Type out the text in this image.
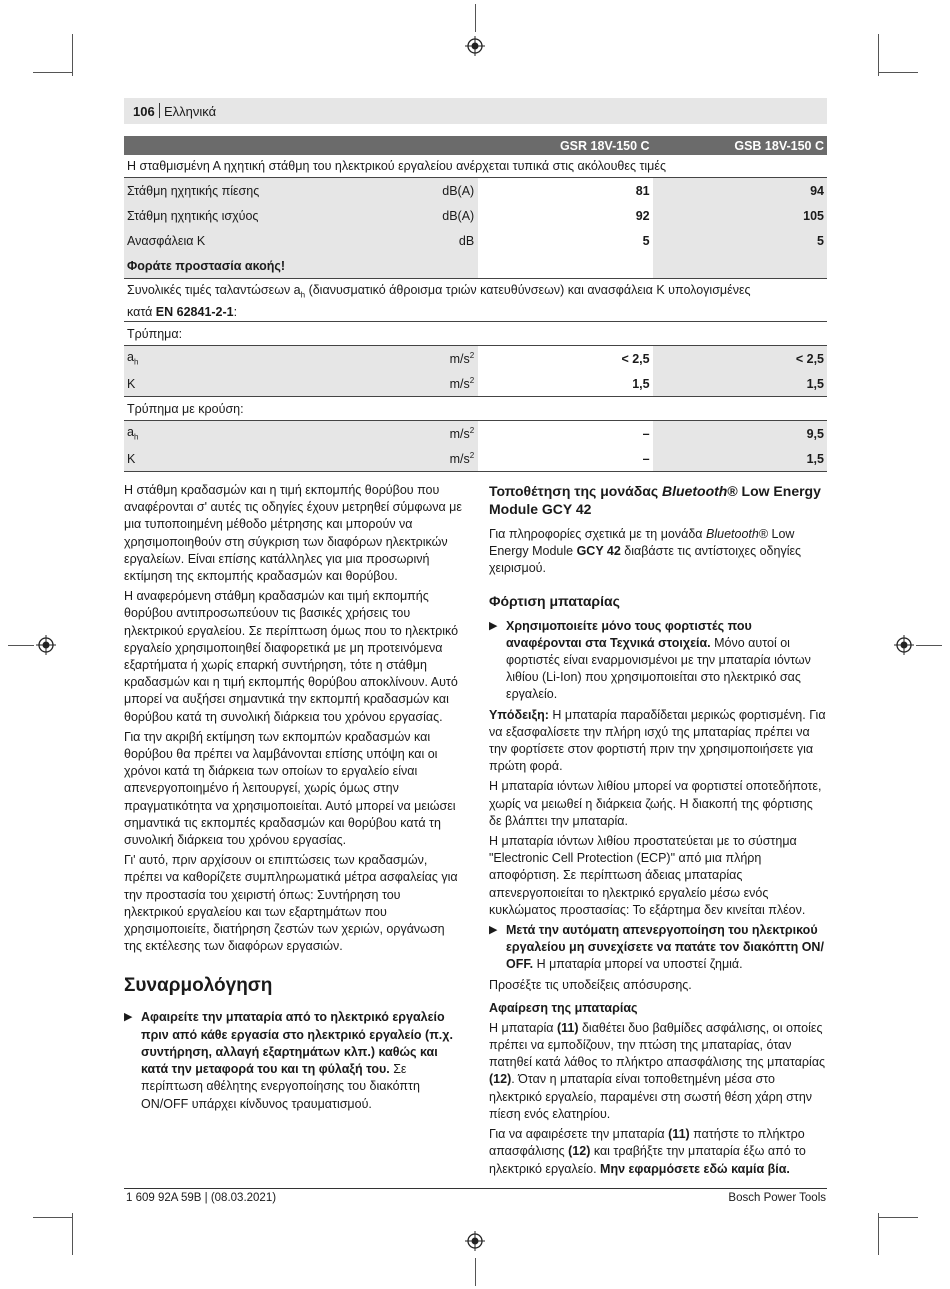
106 Ελληνικά
		GSR 18V-150 C	GSB 18V-150 C
Η σταθμισμένη Α ηχητική στάθμη του ηλεκτρικού εργαλείου ανέρχεται τυπικά στις ακόλουθες τιμές			
Στάθμη ηχητικής πίεσης	dB(A)	81	94
Στάθμη ηχητικής ισχύος	dB(A)	92	105
Ανασφάλεια K	dB	5	5
Φοράτε προστασία ακοής!			
Συνολικές τιμές ταλαντώσεων $a_h$ (διανυσματικό άθροισμα τριών κατευθύνσεων) και ανασφάλεια K υπολογισμένες
κατά EN 62841-2-1:			
Τρύπημα:			
$a_h$	$m/s^2$	< 2,5	< 2,5
K	$m/s^2$	1,5	1,5
Τρύπημα με κρούση:			
$a_h$	$m/s^2$	–	9,5
K	$m/s^2$	–	1,5

Η στάθμη κραδασμών και η τιμή εκπομπής θορύβου που αναφέρονται σ' αυτές τις οδηγίες έχουν μετρηθεί σύμφωνα με μια τυποποιημένη μέθοδο μέτρησης και μπορούν να χρησιμοποιηθούν στη σύγκριση των διαφόρων ηλεκτρικών εργαλείων. Είναι επίσης κατάλληλες για μια προσωρινή εκτίμηση της εκπομπής κραδασμών και θορύβου.

Η αναφερόμενη στάθμη κραδασμών και τιμή εκπομπής θορύβου αντιπροσωπεύουν τις βασικές χρήσεις του ηλεκτρικού εργαλείου. Σε περίπτωση όμως που το ηλεκτρικό εργαλείο χρησιμοποιηθεί διαφορετικά με μη προτεινόμενα εξαρτήματα ή χωρίς επαρκή συντήρηση, τότε η στάθμη κραδασμών και η τιμή εκπομπής θορύβου αποκλίνουν. Αυτό μπορεί να αυξήσει σημαντικά την εκπομπή κραδασμών και θορύβου κατά τη συνολική διάρκεια του χρόνου εργασίας.

Για την ακριβή εκτίμηση των εκπομπών κραδασμών και θορύβου θα πρέπει να λαμβάνονται επίσης υπόψη και οι χρόνοι κατά τη διάρκεια των οποίων το εργαλείο είναι απενεργοποιημένο ή λειτουργεί, χωρίς όμως στην πραγματικότητα να χρησιμοποιείται. Αυτό μπορεί να μειώσει σημαντικά τις εκπομπές κραδασμών και θορύβου κατά τη συνολική διάρκεια του χρόνου εργασίας.

Γι' αυτό, πριν αρχίσουν οι επιπτώσεις των κραδασμών, πρέπει να καθορίζετε συμπληρωματικά μέτρα ασφαλείας για την προστασία του χειριστή όπως: Συντήρηση του ηλεκτρικού εργαλείου και των εξαρτημάτων που χρησιμοποιείτε, διατήρηση ζεστών των χεριών, οργάνωση της εκτέλεσης των διαφόρων εργασιών.

Συναρμολόγηση

▶ Αφαιρείτε την μπαταρία από το ηλεκτρικό εργαλείο πριν από κάθε εργασία στο ηλεκτρικό εργαλείο (π.χ. συντήρηση, αλλαγή εξαρτημάτων κλπ.) καθώς και κατά την μεταφορά του και τη φύλαξή του. Σε περίπτωση αθέλητης ενεργοποίησης του διακόπτη ON/OFF υπάρχει κίνδυνος τραυματισμού.

Τοποθέτηση της μονάδας Bluetooth® Low Energy Module GCY 42

Για πληροφορίες σχετικά με τη μονάδα Bluetooth® Low Energy Module GCY 42 διαβάστε τις αντίστοιχες οδηγίες χειρισμού.

Φόρτιση μπαταρίας

▶ Χρησιμοποιείτε μόνο τους φορτιστές που αναφέρονται στα Τεχνικά στοιχεία. Μόνο αυτοί οι φορτιστές είναι εναρμονισμένοι με την μπαταρία ιόντων λιθίου (Li-Ion) που χρησιμοποιείται στο ηλεκτρικό σας εργαλείο.

Υπόδειξη: Η μπαταρία παραδίδεται μερικώς φορτισμένη. Για να εξασφαλίσετε την πλήρη ισχύ της μπαταρίας πρέπει να την φορτίσετε στον φορτιστή πριν την χρησιμοποιήσετε για πρώτη φορά.

Η μπαταρία ιόντων λιθίου μπορεί να φορτιστεί οποτεδήποτε, χωρίς να μειωθεί η διάρκεια ζωής. Η διακοπή της φόρτισης δε βλάπτει την μπαταρία.

Η μπαταρία ιόντων λιθίου προστατεύεται με το σύστημα "Electronic Cell Protection (ECP)" από μια πλήρη αποφόρτιση. Σε περίπτωση άδειας μπαταρίας απενεργοποιείται το ηλεκτρικό εργαλείο μέσω ενός κυκλώματος προστασίας: Το εξάρτημα δεν κινείται πλέον.

▶ Μετά την αυτόματη απενεργοποίηση του ηλεκτρικού εργαλείου μη συνεχίσετε να πατάτε τον διακόπτη ON/ OFF. Η μπαταρία μπορεί να υποστεί ζημιά.

Προσέξτε τις υποδείξεις απόσυρσης.

Αφαίρεση της μπαταρίας

Η μπαταρία (11) διαθέτει δυο βαθμίδες ασφάλισης, οι οποίες πρέπει να εμποδίζουν, την πτώση της μπαταρίας, όταν πατηθεί κατά λάθος το πλήκτρο απασφάλισης της μπαταρίας (12). Όταν η μπαταρία είναι τοποθετημένη μέσα στο ηλεκτρικό εργαλείο, παραμένει στη σωστή θέση χάρη στην πίεση ενός ελατηρίου.

Για να αφαιρέσετε την μπαταρία (11) πατήστε το πλήκτρο απασφάλισης (12) και τραβήξτε την μπαταρία έξω από το ηλεκτρικό εργαλείο. Μην εφαρμόσετε εδώ καμία βία.

1 609 92A 59B | (08.03.2021)	Bosch Power Tools
